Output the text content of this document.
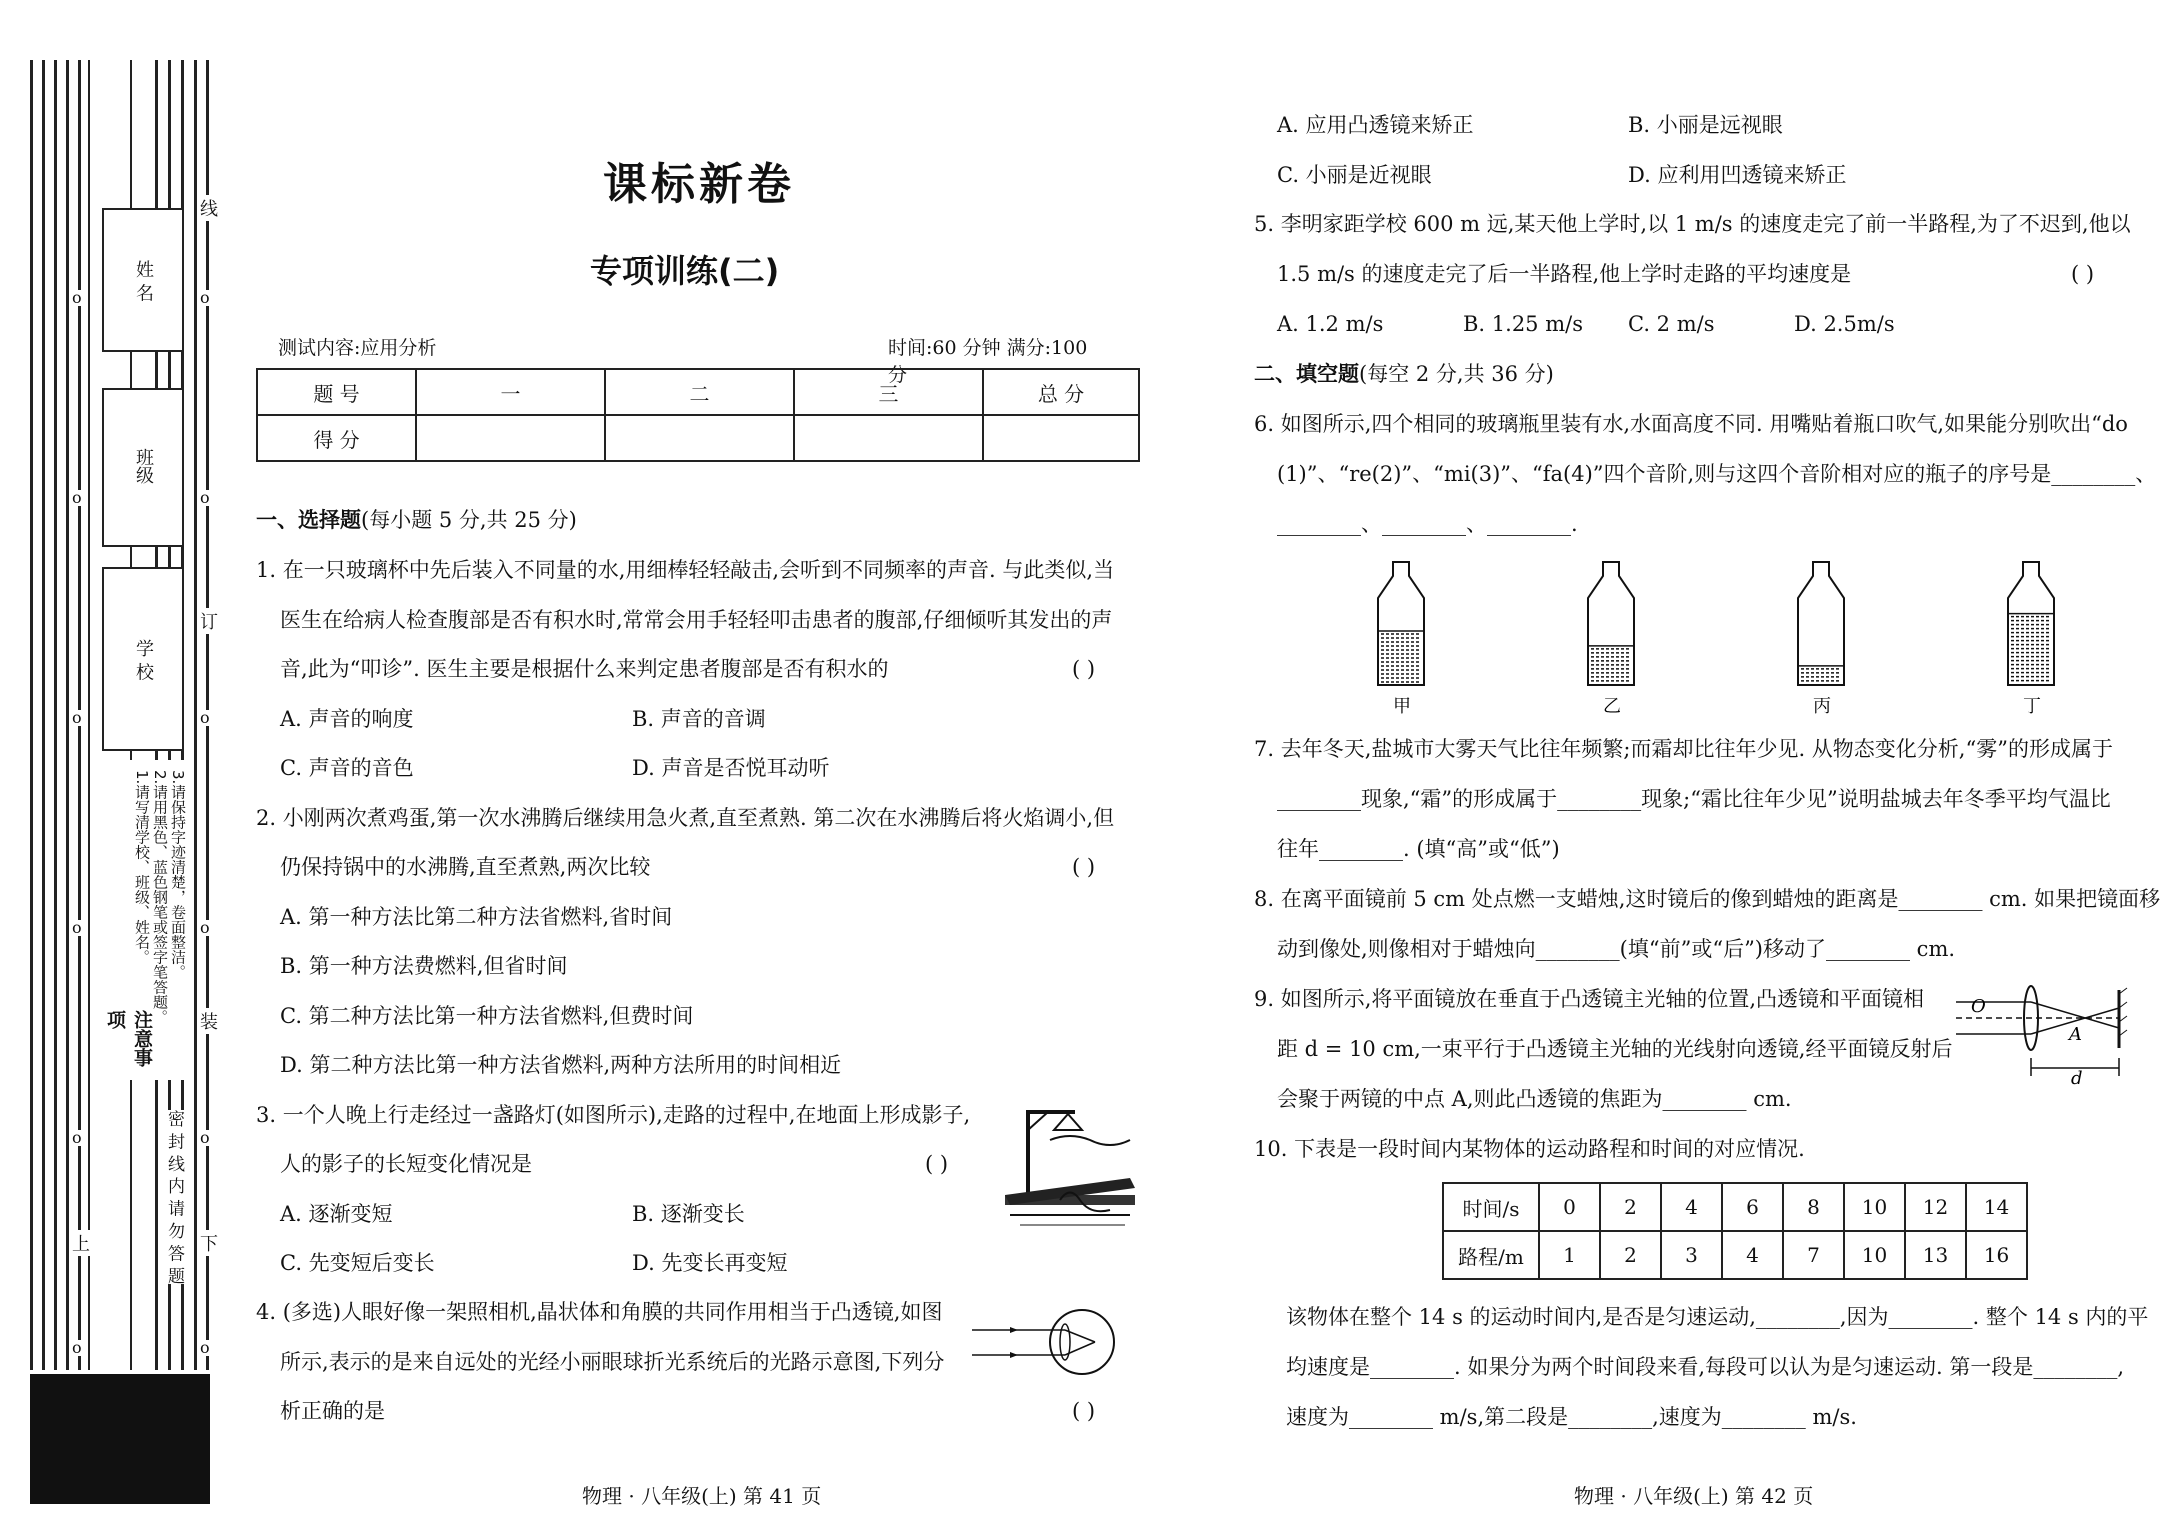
姓 名
班级
学 校
注意事项
1.请写清学校、班级、姓名。 2.请用黑色、蓝色钢笔或签字笔答题。 3.请保持字迹清楚，卷面整洁。
密 封 线 内 请 勿 答 题
线
订
装
上	下
o	o
o	o
o	o
o	o
o	o
o	o
课标新卷
专项训练(二)
测试内容:应用分析	时间:60 分钟 满分:100 分
题 号	一	二	三	总 分
得 分				
一、选择题(每小题 5 分,共 25 分)
1. 在一只玻璃杯中先后装入不同量的水,用细棒轻轻敲击,会听到不同频率的声音. 与此类似,当
医生在给病人检查腹部是否有积水时,常常会用手轻轻叩击患者的腹部,仔细倾听其发出的声
音,此为“叩诊”. 医生主要是根据什么来判定患者腹部是否有积水的	( )
A. 声音的响度	B. 声音的音调
C. 声音的音色	D. 声音是否悦耳动听
2. 小刚两次煮鸡蛋,第一次水沸腾后继续用急火煮,直至煮熟. 第二次在水沸腾后将火焰调小,但
仍保持锅中的水沸腾,直至煮熟,两次比较	( )
A. 第一种方法比第二种方法省燃料,省时间
B. 第一种方法费燃料,但省时间
C. 第二种方法比第一种方法省燃料,但费时间
D. 第二种方法比第一种方法省燃料,两种方法所用的时间相近
3. 一个人晚上行走经过一盏路灯(如图所示),走路的过程中,在地面上形成影子,
人的影子的长短变化情况是	( )
A. 逐渐变短	B. 逐渐变长
C. 先变短后变长	D. 先变长再变短
4. (多选)人眼好像一架照相机,晶状体和角膜的共同作用相当于凸透镜,如图
所示,表示的是来自远处的光经小丽眼球折光系统后的光路示意图,下列分
析正确的是	( )
物理 · 八年级(上) 第 41 页
A. 应用凸透镜来矫正	B. 小丽是远视眼
C. 小丽是近视眼	D. 应利用凹透镜来矫正
5. 李明家距学校 600 m 远,某天他上学时,以 1 m/s 的速度走完了前一半路程,为了不迟到,他以
1.5 m/s 的速度走完了后一半路程,他上学时走路的平均速度是	( )
A. 1.2 m/s	B. 1.25 m/s C. 2 m/s	D. 2.5m/s
二、填空题(每空 2 分,共 36 分)
6. 如图所示,四个相同的玻璃瓶里装有水,水面高度不同. 用嘴贴着瓶口吹气,如果能分别吹出“do
(1)”、“re(2)”、“mi(3)”、“fa(4)”四个音阶,则与这四个音阶相对应的瓶子的序号是________、
________、________、________.
甲	乙	丙	丁
7. 去年冬天,盐城市大雾天气比往年频繁;而霜却比往年少见. 从物态变化分析,“雾”的形成属于
________现象,“霜”的形成属于________现象;“霜比往年少见”说明盐城去年冬季平均气温比
往年________. (填“高”或“低”)
8. 在离平面镜前 5 cm 处点燃一支蜡烛,这时镜后的像到蜡烛的距离是________ cm. 如果把镜面移
动到像处,则像相对于蜡烛向________(填“前”或“后”)移动了________ cm.
9. 如图所示,将平面镜放在垂直于凸透镜主光轴的位置,凸透镜和平面镜相
距 d = 10 cm,一束平行于凸透镜主光轴的光线射向透镜,经平面镜反射后
会聚于两镜的中点 A,则此凸透镜的焦距为________ cm.
O
A
d
10. 下表是一段时间内某物体的运动路程和时间的对应情况.
时间/s	0	2	4	6	8	10	12	14
路程/m	1	2	3	4	7	10	13	16
该物体在整个 14 s 的运动时间内,是否是匀速运动,________,因为________. 整个 14 s 内的平
均速度是________. 如果分为两个时间段来看,每段可以认为是匀速运动. 第一段是________,
速度为________ m/s,第二段是________,速度为________ m/s.
物理 · 八年级(上) 第 42 页
